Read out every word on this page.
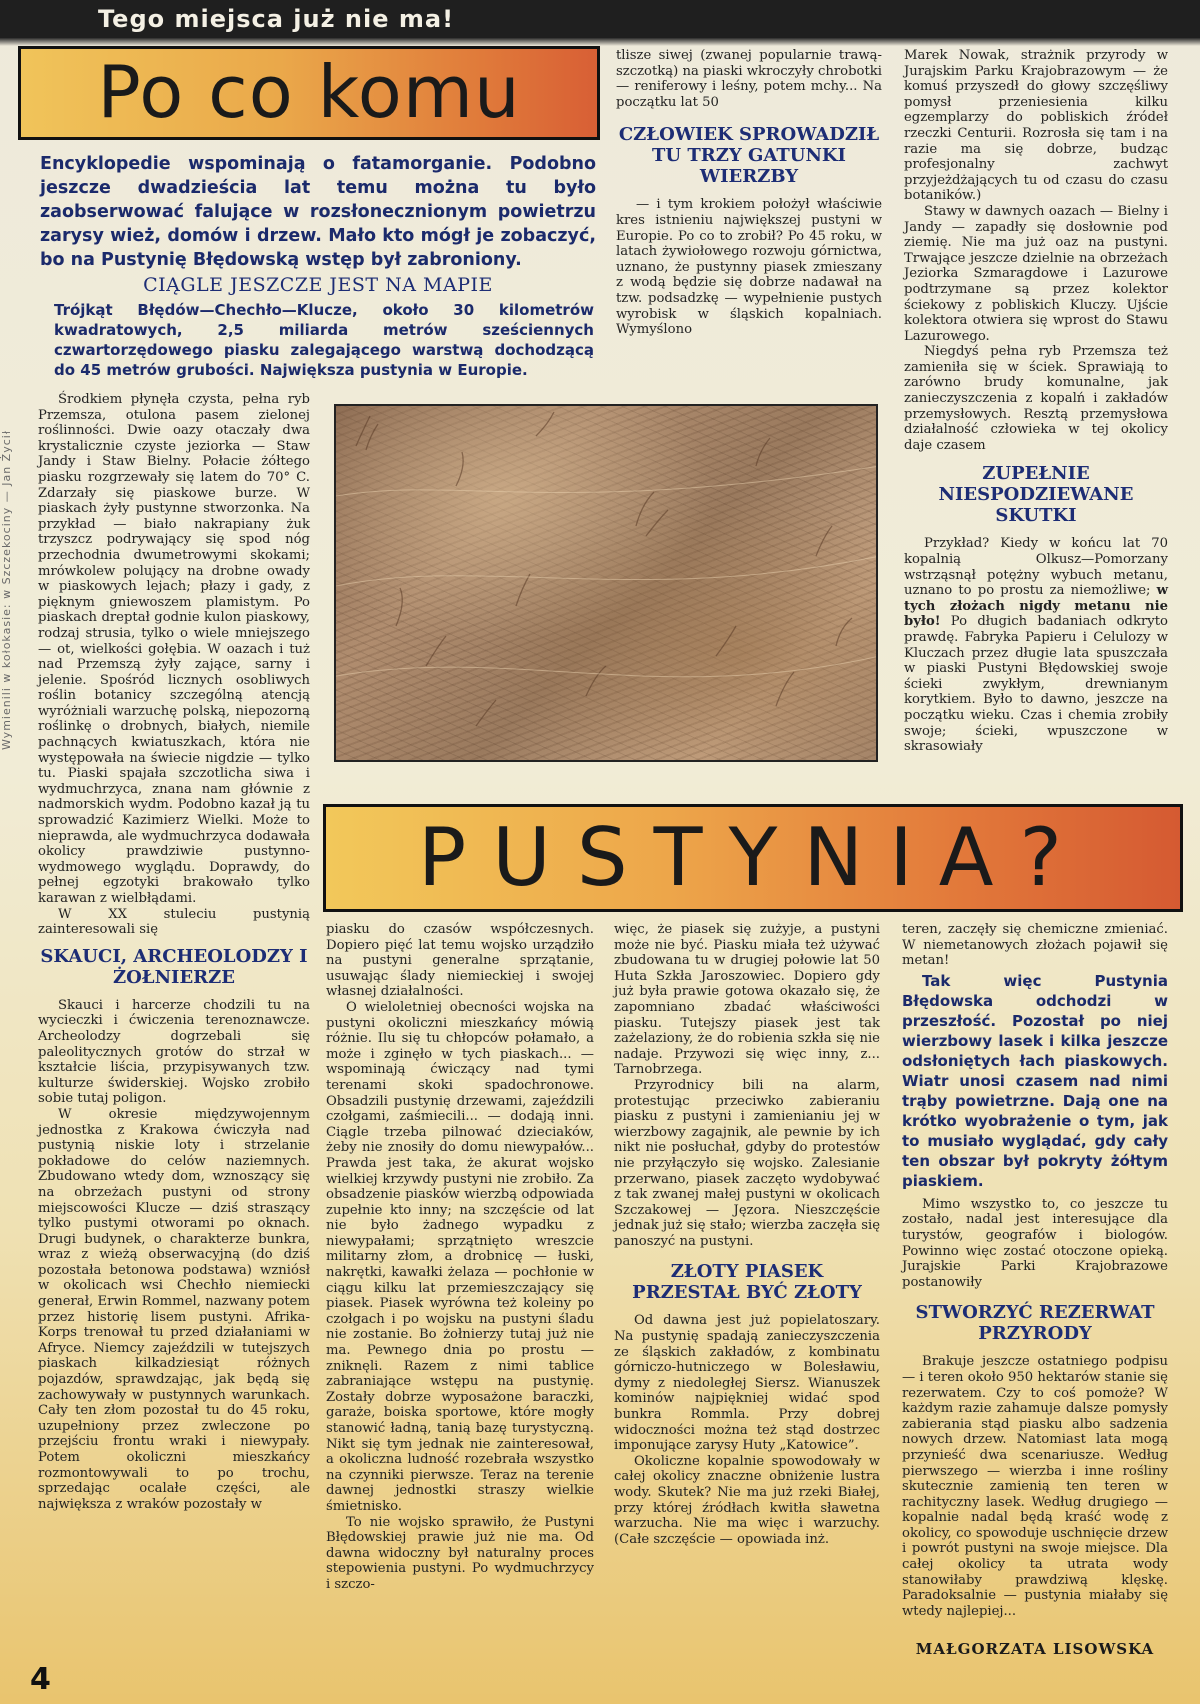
Tego miejsca już nie ma!
Wymienili w kołokasie: w Szczekociny — Jan Życił
Po co komu
Encyklopedie wspominają o fatamorganie. Podobno jeszcze dwadzieścia lat temu można tu było zaobserwować falujące w rozsłonecznionym powietrzu zarysy wież, domów i drzew. Mało kto mógł je zobaczyć, bo na Pustynię Błędowską wstęp był zabroniony.
CIĄGLE JESZCZE JEST NA MAPIE
Trójkąt Błędów—Chechło—Klucze, około 30 kilometrów kwadratowych, 2,5 miliarda metrów sześciennych czwartorzędowego piasku zalegającego warstwą dochodzącą do 45 metrów grubości. Największa pustynia w Europie.

Środkiem płynęła czysta, pełna ryb Przemsza, otulona pasem zielonej roślinności. Dwie oazy otaczały dwa krystalicznie czyste jeziorka — Staw Jandy i Staw Bielny. Połacie żółtego piasku rozgrzewały się latem do 70° C. Zdarzały się piaskowe burze. W piaskach żyły pustynne stworzonka. Na przykład — biało nakrapiany żuk trzyszcz podrywający się spod nóg przechodnia dwumetrowymi skokami; mrówkolew polujący na drobne owady w piaskowych lejach; płazy i gady, z pięknym gniewoszem plamistym. Po piaskach dreptał godnie kulon piaskowy, rodzaj strusia, tylko o wiele mniejszego — ot, wielkości gołębia. W oazach i tuż nad Przemszą żyły zające, sarny i jelenie. Spośród licznych osobliwych roślin botanicy szczególną atencją wyróżniali warzuchę polską, niepozorną roślinkę o drobnych, białych, niemile pachnących kwiatuszkach, która nie występowała na świecie nigdzie — tylko tu. Piaski spajała szczotlicha siwa i wydmuchrzyca, znana nam głównie z nadmorskich wydm. Podobno kazał ją tu sprowadzić Kazimierz Wielki. Może to nieprawda, ale wydmuchrzyca dodawała okolicy prawdziwie pustynno-wydmowego wyglądu. Doprawdy, do pełnej egzotyki brakowało tylko karawan z wielbłądami.

W XX stuleciu pustynią zainteresowali się

SKAUCI, ARCHEOLODZY I ŻOŁNIERZE

Skauci i harcerze chodzili tu na wycieczki i ćwiczenia terenoznawcze. Archeolodzy dogrzebali się paleolitycznych grotów do strzał w kształcie liścia, przypisywanych tzw. kulturze świderskiej. Wojsko zrobiło sobie tutaj poligon.

W okresie międzywojennym jednostka z Krakowa ćwiczyła nad pustynią niskie loty i strzelanie pokładowe do celów naziemnych. Zbudowano wtedy dom, wznoszący się na obrzeżach pustyni od strony miejscowości Klucze — dziś straszący tylko pustymi otworami po oknach. Drugi budynek, o charakterze bunkra, wraz z wieżą obserwacyjną (do dziś pozostała betonowa podstawa) wzniósł w okolicach wsi Chechło niemiecki generał, Erwin Rommel, nazwany potem przez historię lisem pustyni. Afrika-Korps trenował tu przed działaniami w Afryce. Niemcy zajeździli w tutejszych piaskach kilkadziesiąt różnych pojazdów, sprawdzając, jak będą się zachowywały w pustynnych warunkach. Cały ten złom pozostał tu do 45 roku, uzupełniony przez zwleczone po przejściu frontu wraki i niewypały. Potem okoliczni mieszkańcy rozmontowywali to po trochu, sprzedając ocalałe części, ale największa z wraków pozostały w

tlisze siwej (zwanej popularnie trawą-szczotką) na piaski wkroczyły chrobotki — reniferowy i leśny, potem mchy... Na początku lat 50

CZŁOWIEK SPROWADZIŁ TU TRZY GATUNKI WIERZBY

— i tym krokiem położył właściwie kres istnieniu największej pustyni w Europie. Po co to zrobił? Po 45 roku, w latach żywiołowego rozwoju górnictwa, uznano, że pustynny piasek zmieszany z wodą będzie się dobrze nadawał na tzw. podsadzkę — wypełnienie pustych wyrobisk w śląskich kopalniach. Wymyślono

Marek Nowak, strażnik przyrody w Jurajskim Parku Krajobrazowym — że komuś przyszedł do głowy szczęśliwy pomysł przeniesienia kilku egzemplarzy do pobliskich źródeł rzeczki Centurii. Rozrosła się tam i na razie ma się dobrze, budząc profesjonalny zachwyt przyjeżdżających tu od czasu do czasu botaników.)

Stawy w dawnych oazach — Bielny i Jandy — zapadły się dosłownie pod ziemię. Nie ma już oaz na pustyni. Trwające jeszcze dzielnie na obrzeżach Jeziorka Szmaragdowe i Lazurowe podtrzymane są przez kolektor ściekowy z pobliskich Kluczy. Ujście kolektora otwiera się wprost do Stawu Lazurowego.

Niegdyś pełna ryb Przemsza też zamieniła się w ściek. Sprawiają to zarówno brudy komunalne, jak zanieczyszczenia z kopalń i zakładów przemysłowych. Resztą przemysłowa działalność człowieka w tej okolicy daje czasem

ZUPEŁNIE NIESPODZIEWANE SKUTKI

Przykład? Kiedy w końcu lat 70 kopalnią Olkusz—Pomorzany wstrząsnął potężny wybuch metanu, uznano to po prostu za niemożliwe; w tych złożach nigdy metanu nie było! Po długich badaniach odkryto prawdę. Fabryka Papieru i Celulozy w Kluczach przez długie lata spuszczała w piaski Pustyni Błędowskiej swoje ścieki zwykłym, drewnianym korytkiem. Było to dawno, jeszcze na początku wieku. Czas i chemia zrobiły swoje; ścieki, wpuszczone w skrasowiały

PUSTYNIA?

piasku do czasów współczesnych. Dopiero pięć lat temu wojsko urządziło na pustyni generalne sprzątanie, usuwając ślady niemieckiej i swojej własnej działalności.

O wieloletniej obecności wojska na pustyni okoliczni mieszkańcy mówią różnie. Ilu się tu chłopców połamało, a może i zginęło w tych piaskach... — wspominają ćwiczący nad tymi terenami skoki spadochronowe. Obsadzili pustynię drzewami, zajeździli czołgami, zaśmiecili... — dodają inni. Ciągle trzeba pilnować dzieciaków, żeby nie znosiły do domu niewypałów... Prawda jest taka, że akurat wojsko wielkiej krzywdy pustyni nie zrobiło. Za obsadzenie piasków wierzbą odpowiada zupełnie kto inny; na szczęście od lat nie było żadnego wypadku z niewypałami; sprzątnięto wreszcie militarny złom, a drobnicę — łuski, nakrętki, kawałki żelaza — pochłonie w ciągu kilku lat przemieszczający się piasek. Piasek wyrówna też koleiny po czołgach i po wojsku na pustyni śladu nie zostanie. Bo żołnierzy tutaj już nie ma. Pewnego dnia po prostu — zniknęli. Razem z nimi tablice zabraniające wstępu na pustynię. Zostały dobrze wyposażone baraczki, garaże, boiska sportowe, które mogły stanowić ładną, tanią bazę turystyczną. Nikt się tym jednak nie zainteresował, a okoliczna ludność rozebrała wszystko na czynniki pierwsze. Teraz na terenie dawnej jednostki straszy wielkie śmietnisko.

To nie wojsko sprawiło, że Pustyni Błędowskiej prawie już nie ma. Od dawna widoczny był naturalny proces stepowienia pustyni. Po wydmuchrzycy i szczo-

więc, że piasek się zużyje, a pustyni może nie być. Piasku miała też używać zbudowana tu w drugiej połowie lat 50 Huta Szkła Jaroszowiec. Dopiero gdy już była prawie gotowa okazało się, że zapomniano zbadać właściwości piasku. Tutejszy piasek jest tak zażelaziony, że do robienia szkła się nie nadaje. Przywozi się więc inny, z... Tarnobrzega.

Przyrodnicy bili na alarm, protestując przeciwko zabieraniu piasku z pustyni i zamienianiu jej w wierzbowy zagajnik, ale pewnie by ich nikt nie posłuchał, gdyby do protestów nie przyłączyło się wojsko. Zalesianie przerwano, piasek zaczęto wydobywać z tak zwanej małej pustyni w okolicach Szczakowej — Jęzora. Nieszczęście jednak już się stało; wierzba zaczęła się panoszyć na pustyni.

ZŁOTY PIASEK PRZESTAŁ BYĆ ZŁOTY

Od dawna jest już popielatoszary. Na pustynię spadają zanieczyszczenia ze śląskich zakładów, z kombinatu górniczo-hutniczego w Bolesławiu, dymy z niedoległej Siersz. Wianuszek kominów najpiękniej widać spod bunkra Rommla. Przy dobrej widoczności można też stąd dostrzec imponujące zarysy Huty „Katowice”.

Okoliczne kopalnie spowodowały w całej okolicy znaczne obniżenie lustra wody. Skutek? Nie ma już rzeki Białej, przy której źródłach kwitła sławetna warzucha. Nie ma więc i warzuchy. (Całe szczęście — opowiada inż.

teren, zaczęły się chemiczne zmieniać. W niemetanowych złożach pojawił się metan!

Tak więc Pustynia Błędowska odchodzi w przeszłość. Pozostał po niej wierzbowy lasek i kilka jeszcze odsłoniętych łach piaskowych. Wiatr unosi czasem nad nimi trąby powietrzne. Dają one na krótko wyobrażenie o tym, jak to musiało wyglądać, gdy cały ten obszar był pokryty żółtym piaskiem.

Mimo wszystko to, co jeszcze tu zostało, nadal jest interesujące dla turystów, geografów i biologów. Powinno więc zostać otoczone opieką. Jurajskie Parki Krajobrazowe postanowiły

STWORZYĆ REZERWAT PRZYRODY

Brakuje jeszcze ostatniego podpisu — i teren około 950 hektarów stanie się rezerwatem. Czy to coś pomoże? W każdym razie zahamuje dalsze pomysły zabierania stąd piasku albo sadzenia nowych drzew. Natomiast lata mogą przynieść dwa scenariusze. Według pierwszego — wierzba i inne rośliny skutecznie zamienią ten teren w rachityczny lasek. Według drugiego — kopalnie nadal będą kraść wodę z okolicy, co spowoduje uschnięcie drzew i powrót pustyni na swoje miejsce. Dla całej okolicy ta utrata wody stanowiłaby prawdziwą klęskę. Paradoksalnie — pustynia miałaby się wtedy najlepiej...

MAŁGORZATA LISOWSKA
4
